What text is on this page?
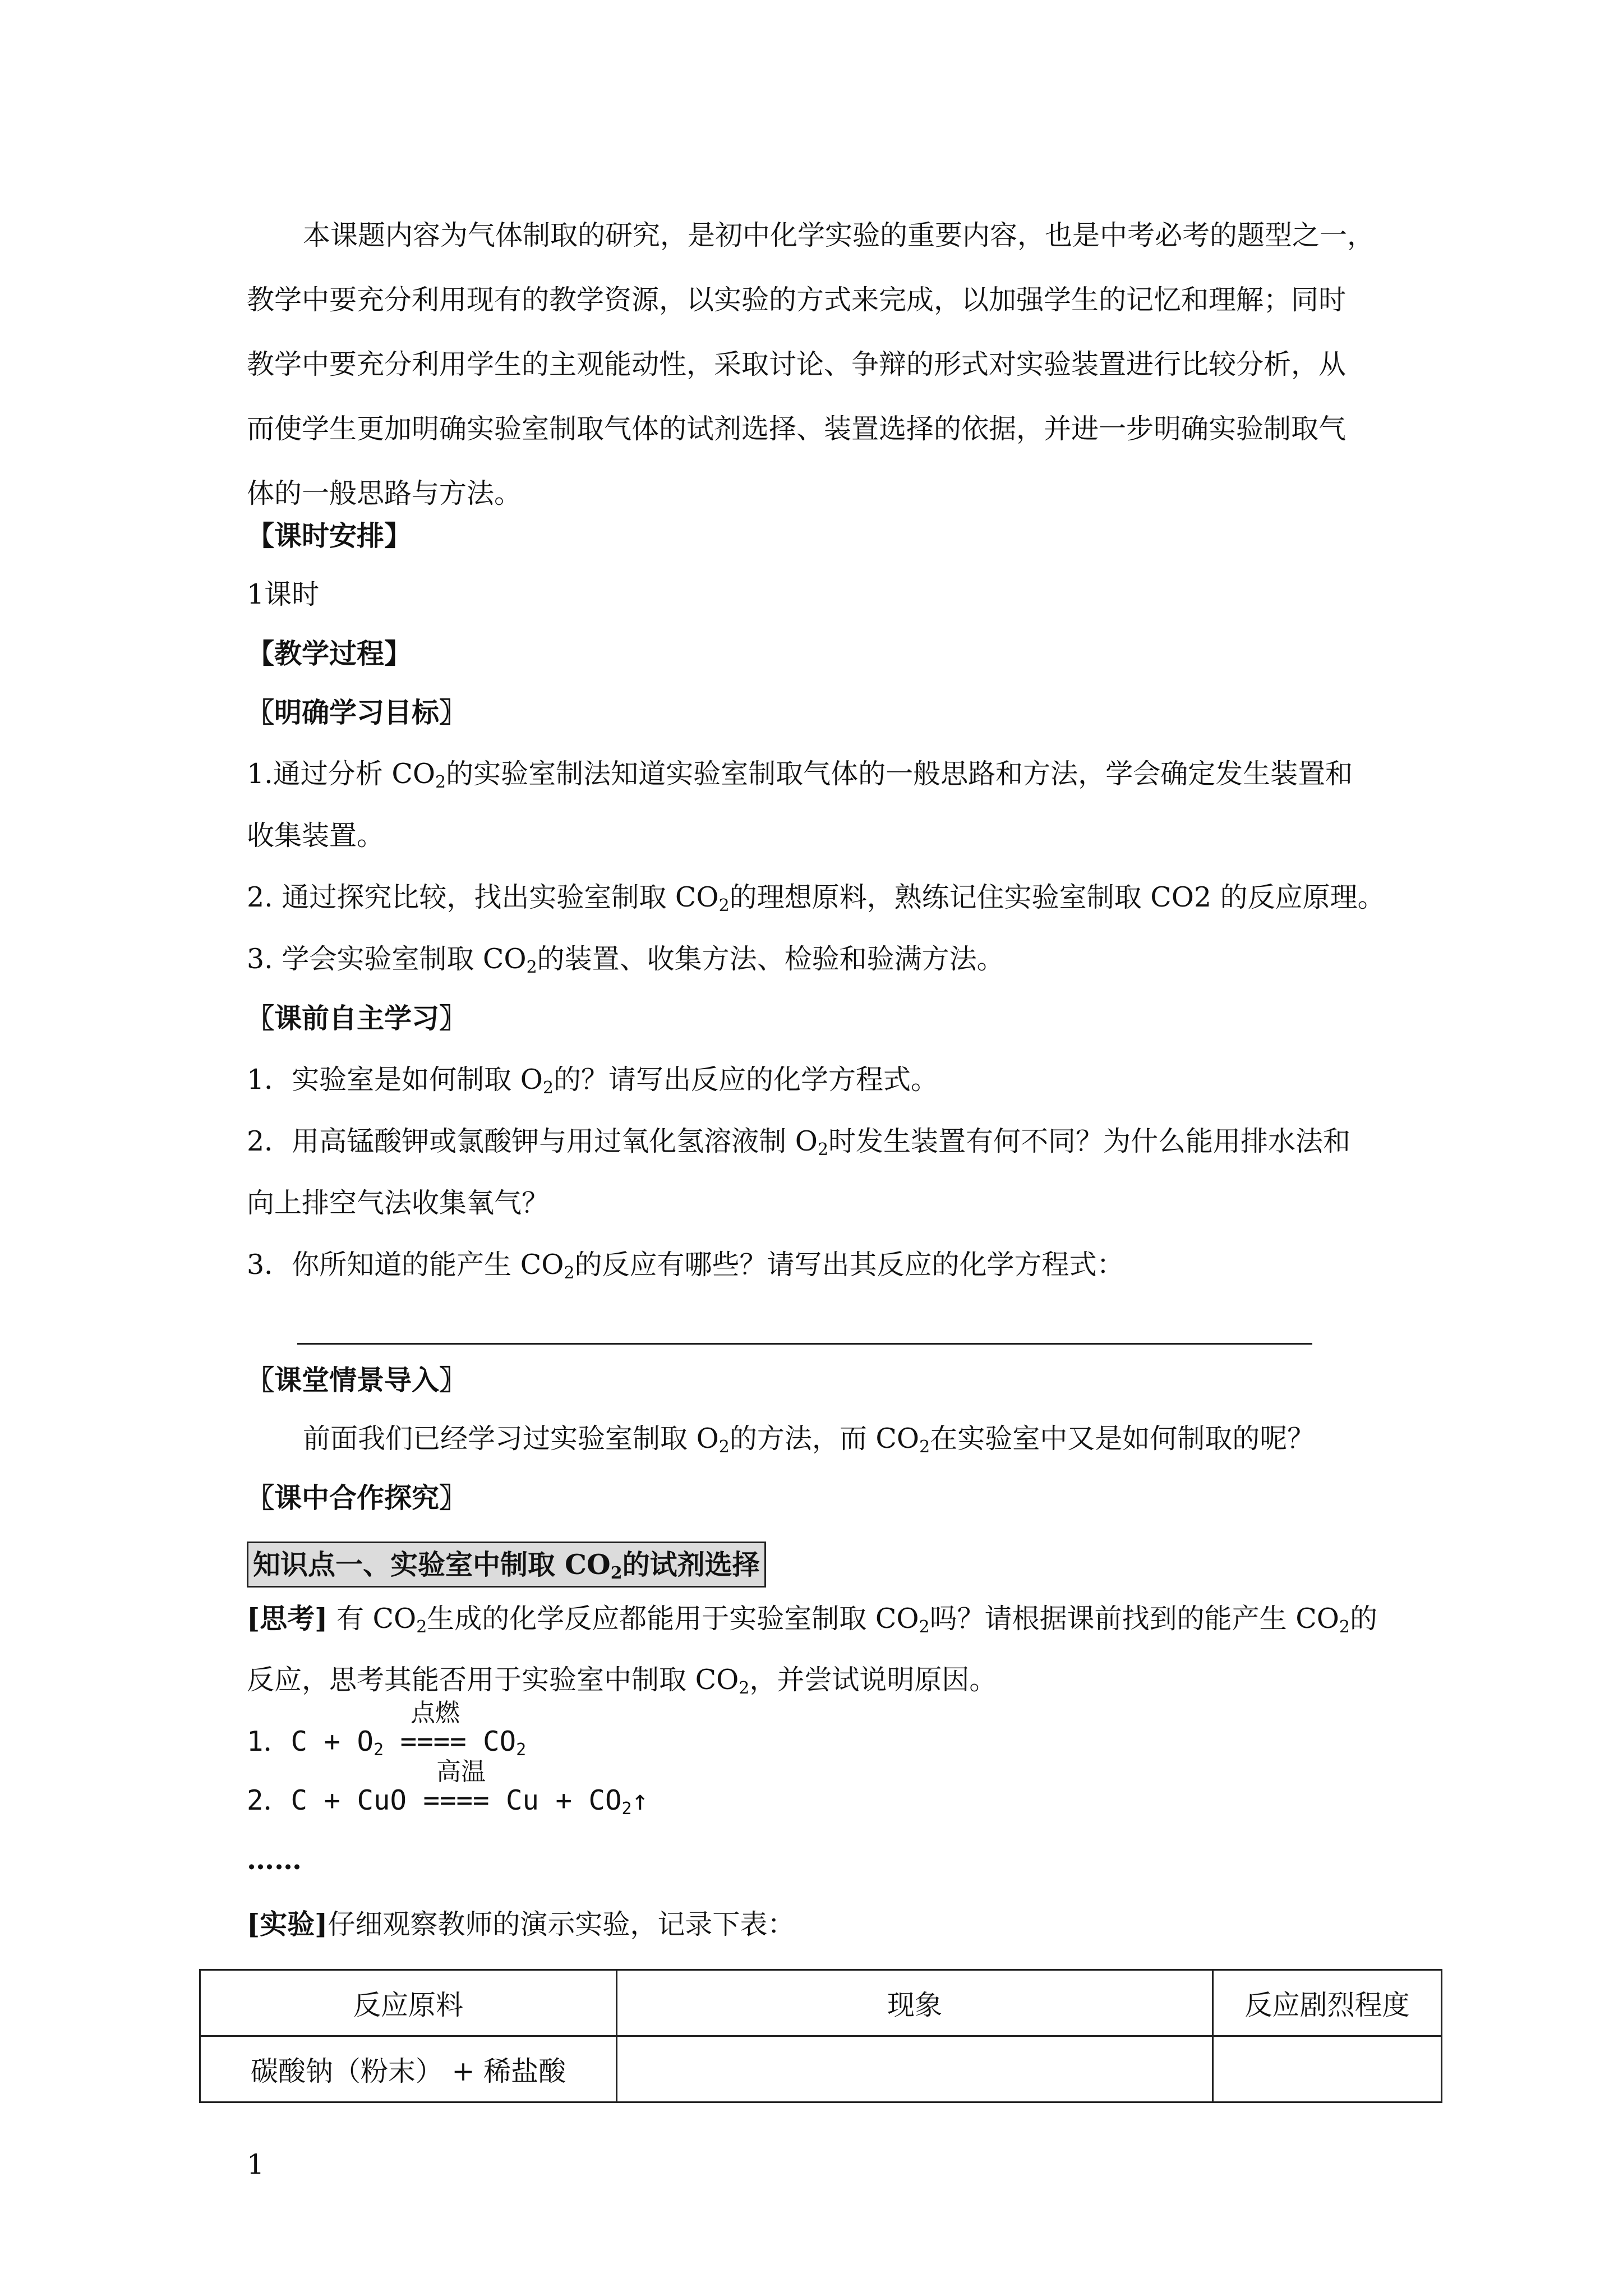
本课题内容为气体制取的研究，是初中化学实验的重要内容，也是中考必考的题型之一，
教学中要充分利用现有的教学资源，以实验的方式来完成，以加强学生的记忆和理解；同时
教学中要充分利用学生的主观能动性，采取讨论、争辩的形式对实验装置进行比较分析，从
而使学生更加明确实验室制取气体的试剂选择、装置选择的依据，并进一步明确实验制取气
体的一般思路与方法。
【课时安排】
1课时
【教学过程】
〖明确学习目标〗
1.通过分析 $CO_2$的实验室制法知道实验室制取气体的一般思路和方法，学会确定发生装置和
收集装置。
2. 通过探究比较，找出实验室制取 $CO_2$的理想原料，熟练记住实验室制取 CO2 的反应原理。
3. 学会实验室制取 $CO_2$的装置、收集方法、检验和验满方法。
〖课前自主学习〗
1．实验室是如何制取 $O_2$的？请写出反应的化学方程式。
2．用高锰酸钾或氯酸钾与用过氧化氢溶液制 $O_2$时发生装置有何不同？为什么能用排水法和
向上排空气法收集氧气？
3．你所知道的能产生 $CO_2$的反应有哪些？请写出其反应的化学方程式：
〖课堂情景导入〗
前面我们已经学习过实验室制取 $O_2$的方法，而 $CO_2$在实验室中又是如何制取的呢？
〖课中合作探究〗
知识点一、实验室中制取 $CO_2$的试剂选择
[思考] 有 $CO_2$生成的化学反应都能用于实验室制取 $CO_2$吗？请根据课前找到的能产生 $CO_2$的
反应，思考其能否用于实验室中制取 $CO_2$，并尝试说明原因。
点燃
1．$C + O_2$ ==== $CO_2$
高温
2．C + CuO ==== $Cu + CO_2↑$
……
[实验]仔细观察教师的演示实验，记录下表：
反应原料	现象	反应剧烈程度
碳酸钠（粉末） + 稀盐酸		
1
